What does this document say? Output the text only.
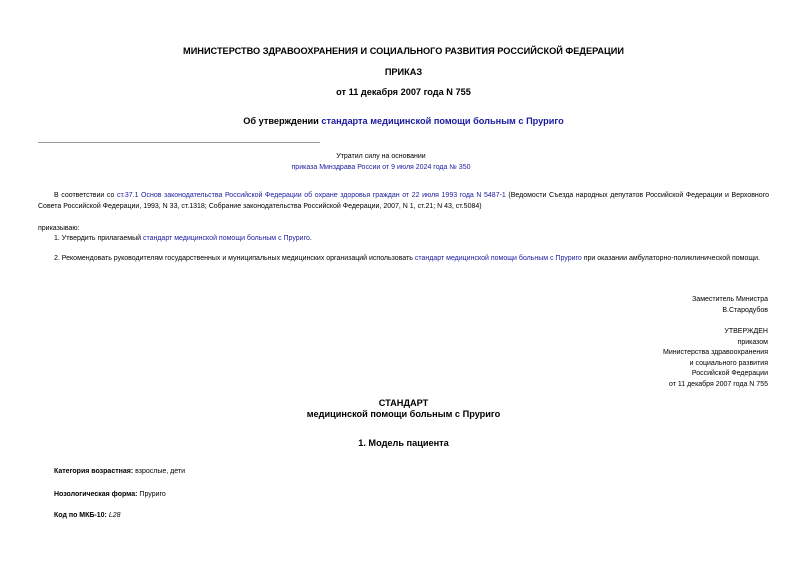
МИНИСТЕРСТВО ЗДРАВООХРАНЕНИЯ И СОЦИАЛЬНОГО РАЗВИТИЯ РОССИЙСКОЙ ФЕДЕРАЦИИ
ПРИКАЗ
от 11 декабря 2007 года N 755
Об утверждении стандарта медицинской помощи больным с Пруриго
Утратил силу на основании
приказа Минздрава России от 9 июля 2024 года № 350
В соответствии со ст.37.1 Основ законодательства Российской Федерации об охране здоровья граждан от 22 июля 1993 года N 5487-1 (Ведомости Съезда народных депутатов Российской Федерации и Верховного Совета Российской Федерации, 1993, N 33, ст.1318; Собрание законодательства Российской Федерации, 2007, N 1, ст.21; N 43, ст.5084)
приказываю:
1. Утвердить прилагаемый стандарт медицинской помощи больным с Пруриго.
2. Рекомендовать руководителям государственных и муниципальных медицинских организаций использовать стандарт медицинской помощи больным с Пруриго при оказании амбулаторно-поликлинической помощи.
Заместитель Министра
В.Стародубов
УТВЕРЖДЕН
приказом
Министерства здравоохранения
и социального развития
Российской Федерации
от 11 декабря 2007 года N 755
СТАНДАРТ
медицинской помощи больным с Пруриго
1. Модель пациента
Категория возрастная: взрослые, дети
Нозологическая форма: Пруриго
Код по МКБ-10: L28
